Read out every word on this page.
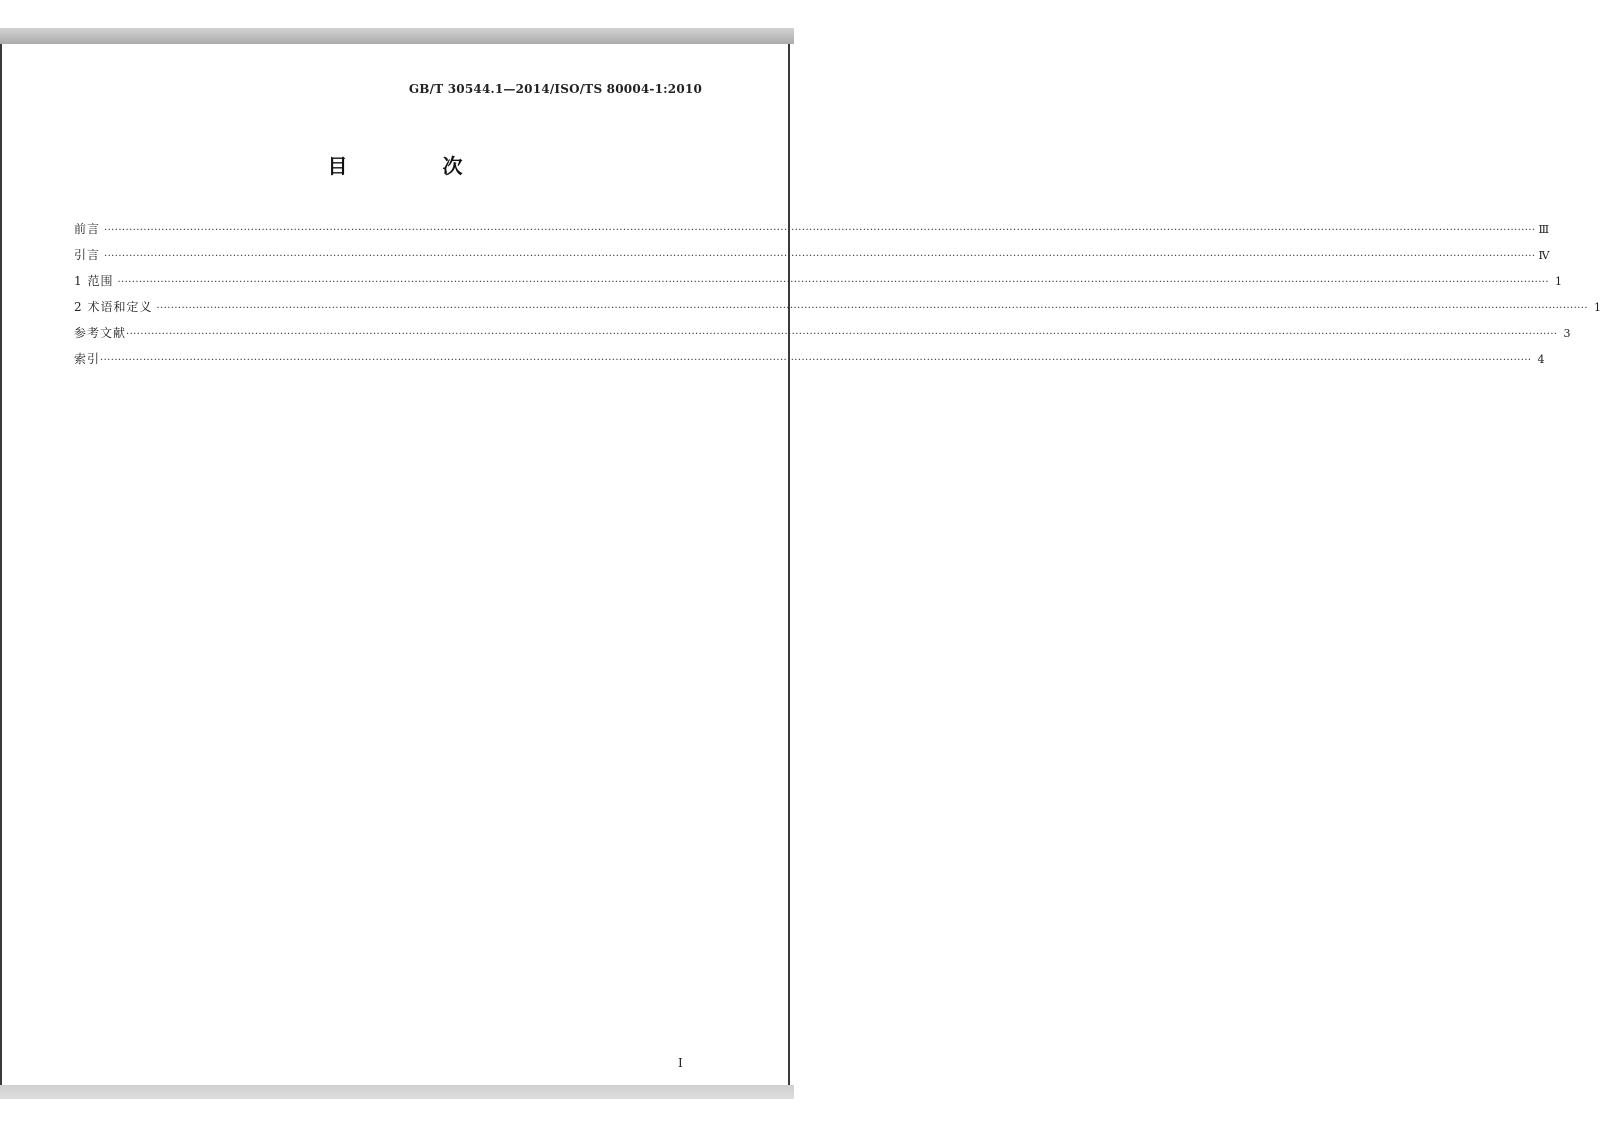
GB/T 30544.1—2014/ISO/TS 80004-1:2010
目 次
前言 ················································································································································································································································································································································································································ Ⅲ
引言 ················································································································································································································································································································································································································ Ⅳ
1 范围 ················································································································································································································································································································································································································ 1
2 术语和定义 ················································································································································································································································································································································································································ 1
参考文献 ················································································································································································································································································································································································································ 3
索引 ················································································································································································································································································································································································································ 4
I
